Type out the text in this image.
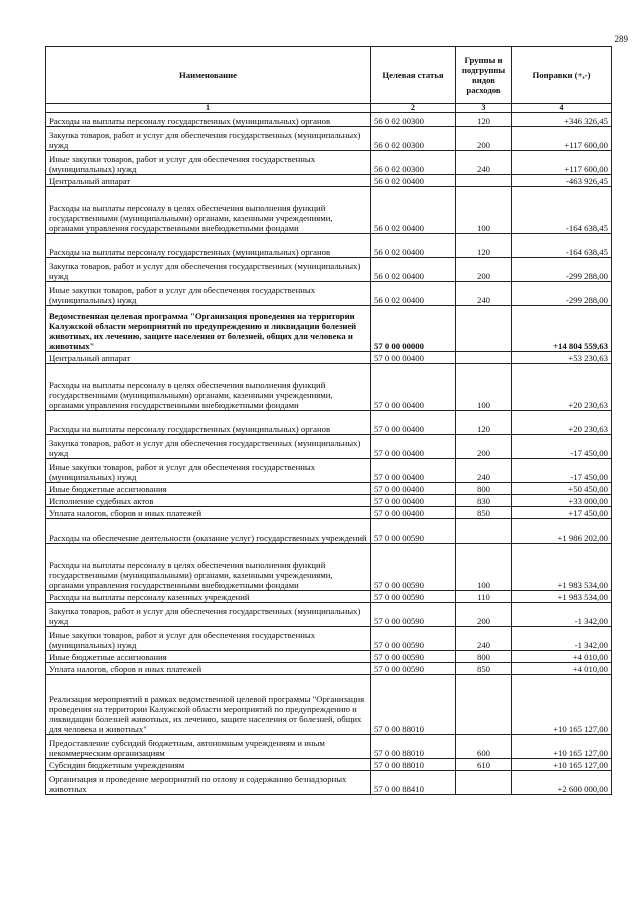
289
Наименование	Целевая статья	Группы и подгруппы видов расходов	Поправки (+,-)
1	2	3	4
Расходы на выплаты персоналу государственных (муниципальных) органов	56 0 02 00300	120	+346 326,45
Закупка товаров, работ и услуг для обеспечения государственных (муниципальных) нужд	56 0 02 00300	200	+117 600,00
Иные закупки товаров, работ и услуг для обеспечения государственных (муниципальных) нужд	56 0 02 00300	240	+117 600,00
Центральный аппарат	56 0 02 00400		-463 926,45
Расходы на выплаты персоналу в целях обеспечения выполнения функций государственными (муниципальными) органами, казенными учреждениями, органами управления государственными внебюджетными фондами	56 0 02 00400	100	-164 638,45
Расходы на выплаты персоналу государственных (муниципальных) органов	56 0 02 00400	120	-164 638,45
Закупка товаров, работ и услуг для обеспечения государственных (муниципальных) нужд	56 0 02 00400	200	-299 288,00
Иные закупки товаров, работ и услуг для обеспечения государственных (муниципальных) нужд	56 0 02 00400	240	-299 288,00
Ведомственная целевая программа "Организация проведения на территории Калужской области мероприятий по предупреждению и ликвидации болезней животных, их лечению, защите населения от болезней, общих для человека и животных"	57 0 00 00000		+14 804 559,63
Центральный аппарат	57 0 00 00400		+53 230,63
Расходы на выплаты персоналу в целях обеспечения выполнения функций государственными (муниципальными) органами, казенными учреждениями, органами управления государственными внебюджетными фондами	57 0 00 00400	100	+20 230,63
Расходы на выплаты персоналу государственных (муниципальных) органов	57 0 00 00400	120	+20 230,63
Закупка товаров, работ и услуг для обеспечения государственных (муниципальных) нужд	57 0 00 00400	200	-17 450,00
Иные закупки товаров, работ и услуг для обеспечения государственных (муниципальных) нужд	57 0 00 00400	240	-17 450,00
Иные бюджетные ассигнования	57 0 00 00400	800	+50 450,00
Исполнение судебных актов	57 0 00 00400	830	+33 000,00
Уплата налогов, сборов и иных платежей	57 0 00 00400	850	+17 450,00
Расходы на обеспечение деятельности (оказание услуг) государственных учреждений	57 0 00 00590		+1 986 202,00
Расходы на выплаты персоналу в целях обеспечения выполнения функций государственными (муниципальными) органами, казенными учреждениями, органами управления государственными внебюджетными фондами	57 0 00 00590	100	+1 983 534,00
Расходы на выплаты персоналу казенных учреждений	57 0 00 00590	110	+1 983 534,00
Закупка товаров, работ и услуг для обеспечения государственных (муниципальных) нужд	57 0 00 00590	200	-1 342,00
Иные закупки товаров, работ и услуг для обеспечения государственных (муниципальных) нужд	57 0 00 00590	240	-1 342,00
Иные бюджетные ассигнования	57 0 00 00590	800	+4 010,00
Уплата налогов, сборов и иных платежей	57 0 00 00590	850	+4 010,00
Реализация мероприятий в рамках ведомственной целевой программы "Организация проведения на территории Калужской области мероприятий по предупреждению и ликвидации болезней животных, их лечению, защите населения от болезней, общих для человека и животных"	57 0 00 88010		+10 165 127,00
Предоставление субсидий бюджетным, автономным учреждениям и иным некоммерческим организациям	57 0 00 88010	600	+10 165 127,00
Субсидии бюджетным учреждениям	57 0 00 88010	610	+10 165 127,00
Организация и проведение мероприятий по отлову и содержанию безнадзорных животных	57 0 00 88410		+2 600 000,00
